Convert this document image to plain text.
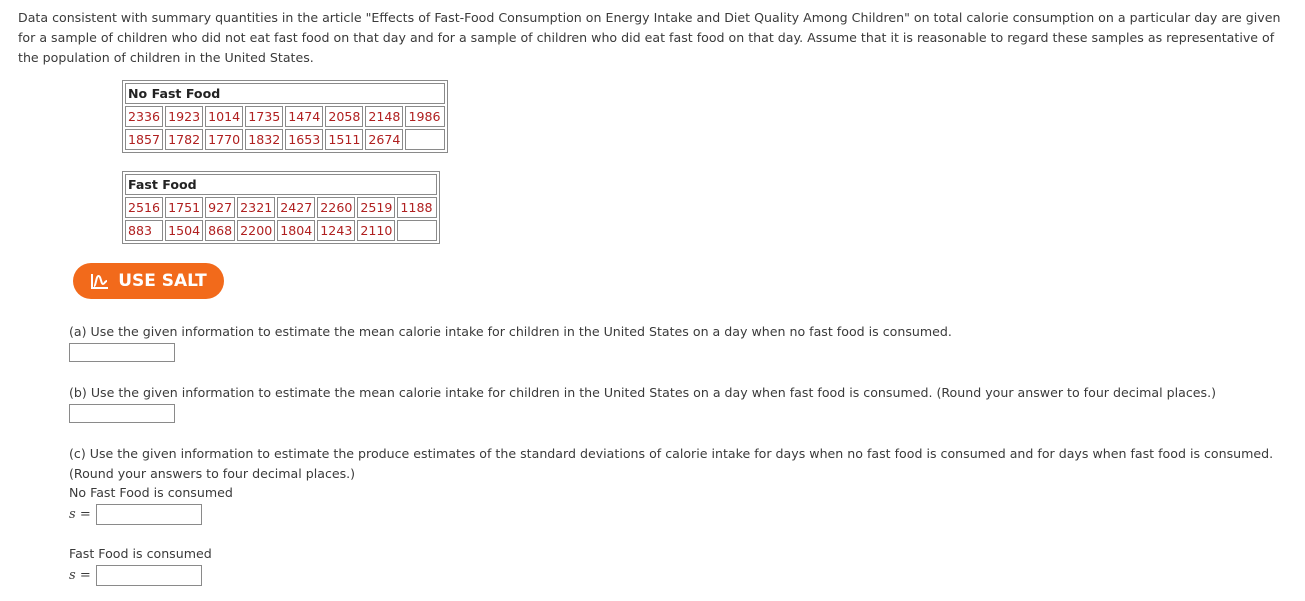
Data consistent with summary quantities in the article "Effects of Fast-Food Consumption on Energy Intake and Diet Quality Among Children" on total calorie consumption on a particular day are given for a sample of children who did not eat fast food on that day and for a sample of children who did eat fast food on that day. Assume that it is reasonable to regard these samples as representative of the population of children in the United States.

No Fast Food							
2336	1923	1014	1735	1474	2058	2148	1986
1857	1782	1770	1832	1653	1511	2674	
Fast Food							
2516	1751	927	2321	2427	2260	2519	1188
883	1504	868	2200	1804	1243	2110	
USE SALT

(a) Use the given information to estimate the mean calorie intake for children in the United States on a day when no fast food is consumed.

(b) Use the given information to estimate the mean calorie intake for children in the United States on a day when fast food is consumed. (Round your answer to four decimal places.)

(c) Use the given information to estimate the produce estimates of the standard deviations of calorie intake for days when no fast food is consumed and for days when fast food is consumed. (Round your answers to four decimal places.)

No Fast Food is consumed

s =

Fast Food is consumed

s =
